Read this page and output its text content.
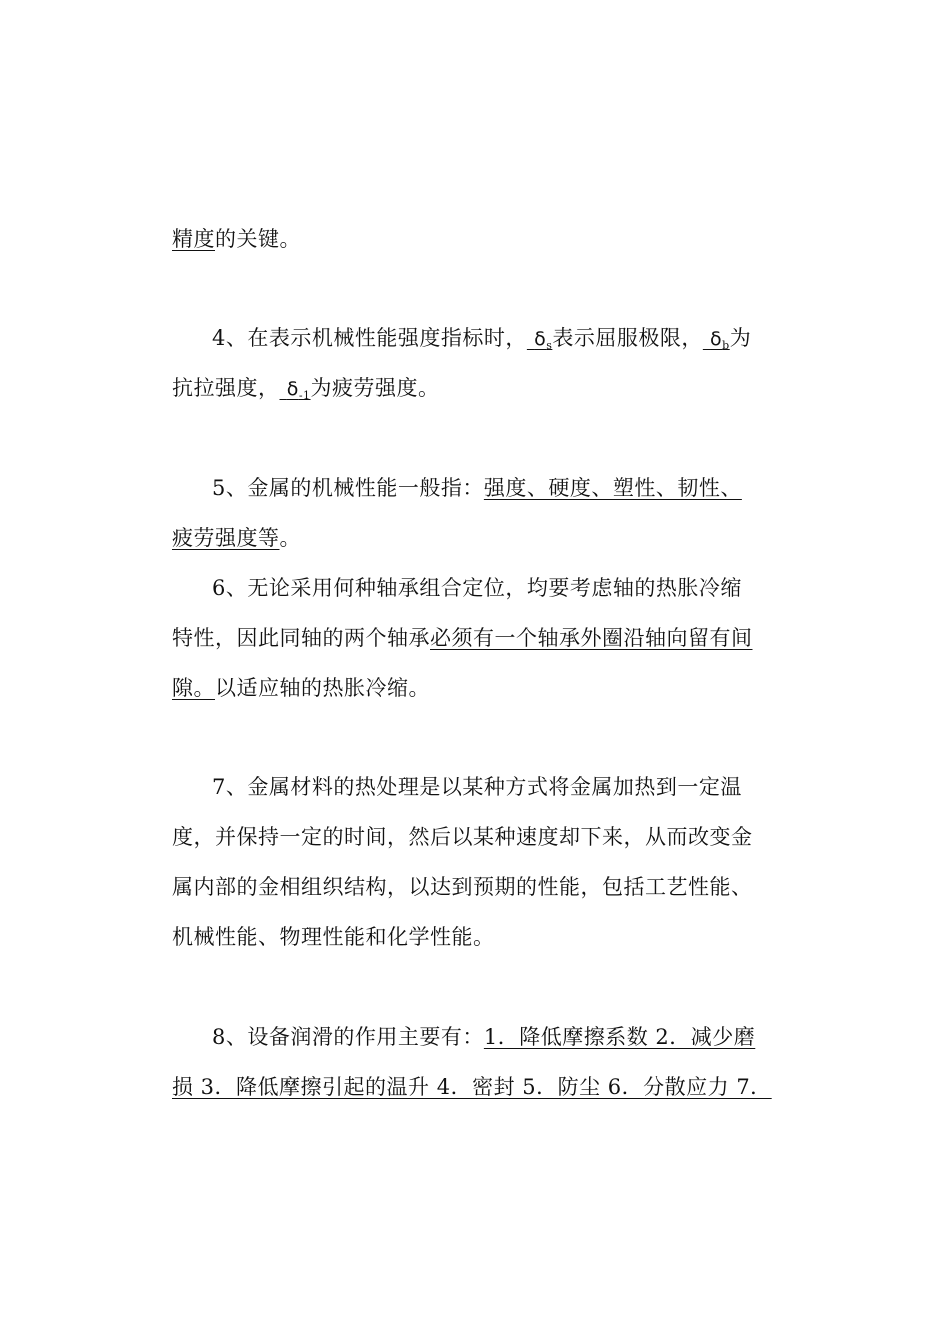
精度的关键。
4、在表示机械性能强度指标时， $\delta_s$表示屈服极限， $\delta_b$为
抗拉强度， $\delta_{-1}$为疲劳强度。
5、金属的机械性能一般指：强度、硬度、塑性、韧性、
疲劳强度等。
6、无论采用何种轴承组合定位，均要考虑轴的热胀冷缩
特性，因此同轴的两个轴承必须有一个轴承外圈沿轴向留有间
隙。以适应轴的热胀冷缩。
7、金属材料的热处理是以某种方式将金属加热到一定温
度，并保持一定的时间，然后以某种速度却下来，从而改变金
属内部的金相组织结构，以达到预期的性能，包括工艺性能、
机械性能、物理性能和化学性能。
8、设备润滑的作用主要有：1．降低摩擦系数 2．减少磨
损 3．降低摩擦引起的温升 4．密封 5．防尘 6．分散应力 7．
